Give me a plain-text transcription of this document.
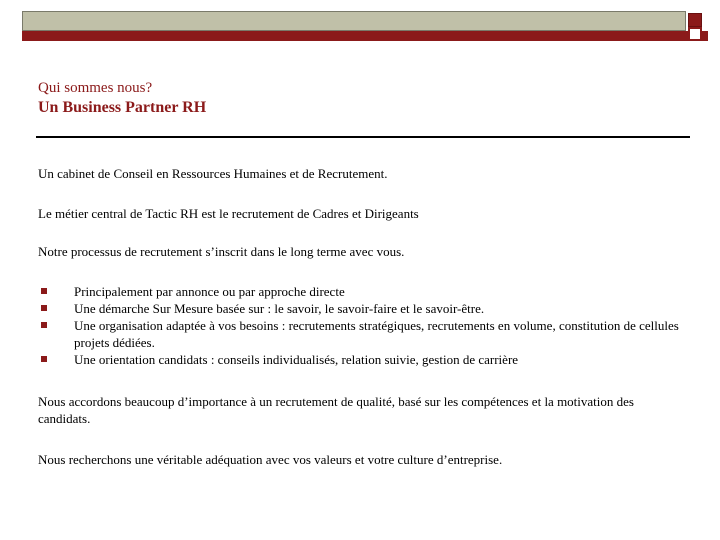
Qui sommes nous?
Un Business Partner RH

Un cabinet de Conseil en Ressources Humaines et de Recrutement.

Le métier central de Tactic RH est le recrutement de Cadres et Dirigeants

Notre processus de recrutement s’inscrit dans le long terme avec vous.

Principalement par annonce ou par approche directe
Une démarche Sur Mesure basée sur : le savoir, le savoir-faire et le savoir-être.
Une organisation adaptée à vos besoins : recrutements stratégiques, recrutements en volume, constitution de cellules projets dédiées.
Une orientation candidats : conseils individualisés, relation suivie, gestion de carrière

Nous accordons beaucoup d’importance à un recrutement de qualité, basé sur les compétences et la motivation des candidats.

Nous recherchons une véritable adéquation avec vos valeurs et votre culture d’entreprise.
